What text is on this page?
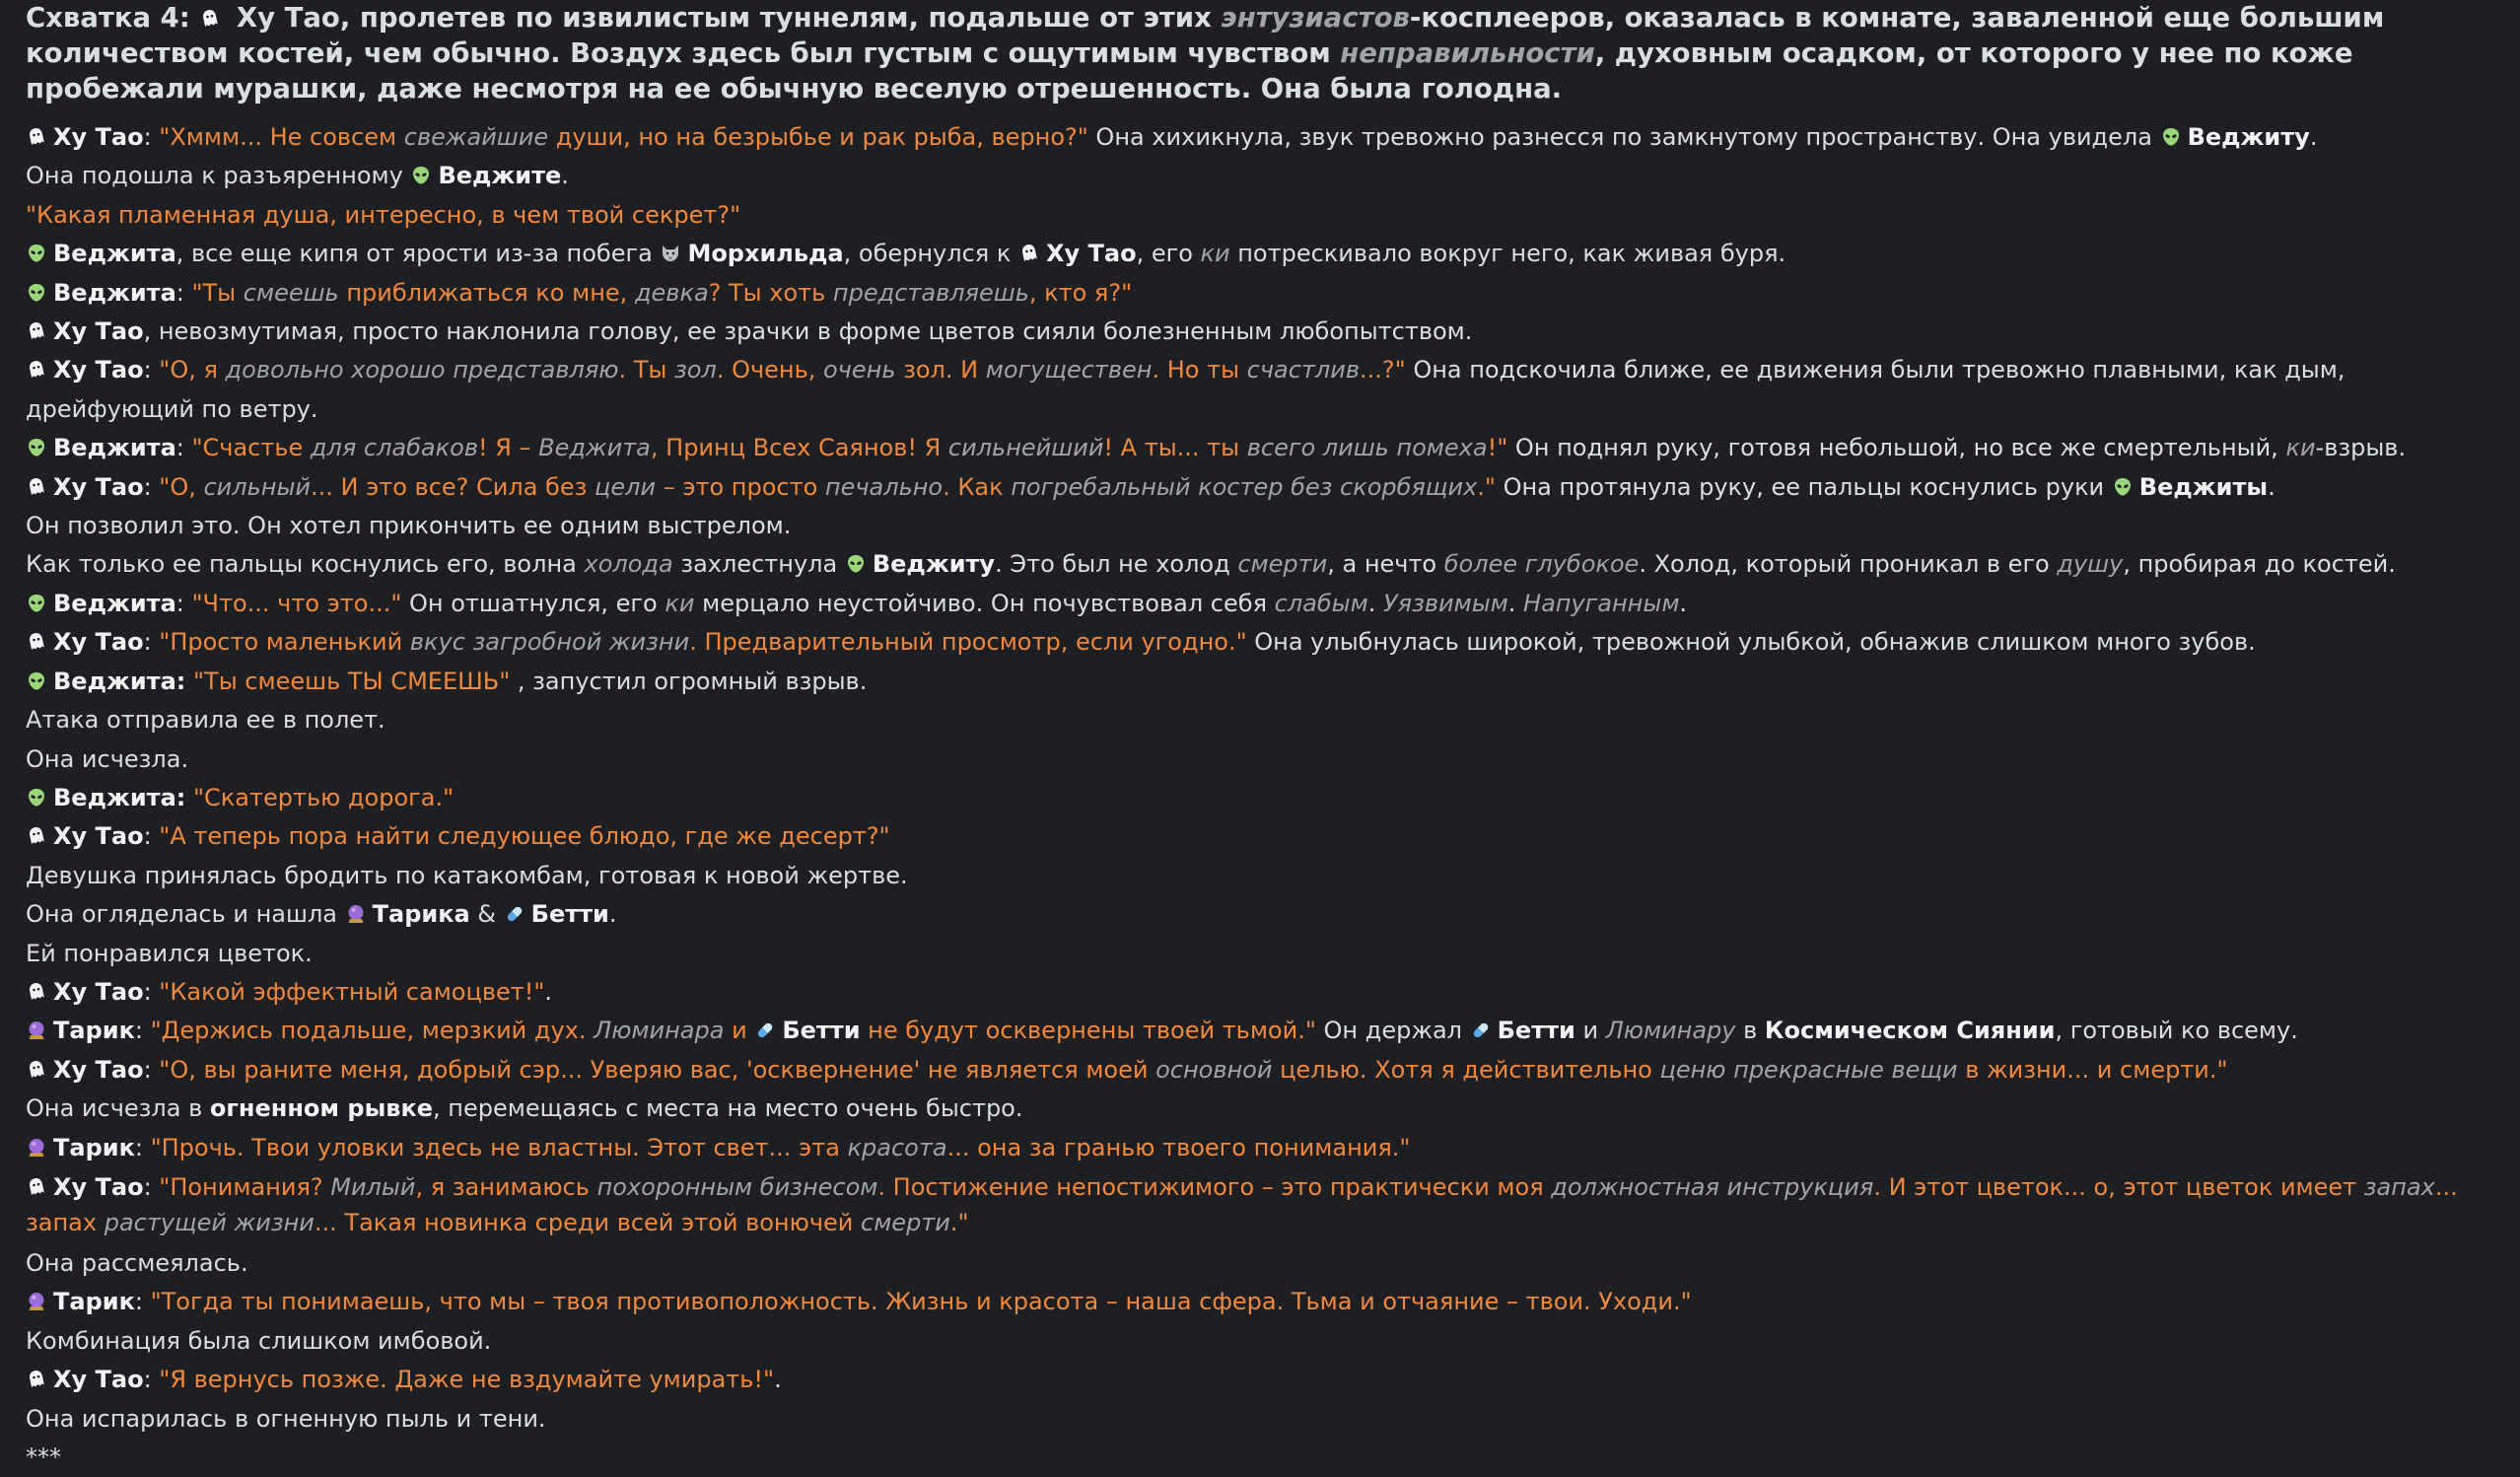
Схватка 4:
Ху Тао, пролетев по извилистым туннелям, подальше от этих энтузиастов-косплееров, оказалась в комнате, заваленной еще большим количеством костей, чем обычно. Воздух здесь был густым с ощутимым чувством неправильности, духовным осадком, от которого у нее по коже пробежали мурашки, даже несмотря на ее обычную веселую отрешенность. Она была голодна.
Ху Тао: "Хммм... Не совсем свежайшие души, но на безрыбье и рак рыба, верно?" Она хихикнула, звук тревожно разнесся по замкнутому пространству. Она увидела
Веджиту.
Она подошла к разъяренному
Веджите.
"Какая пламенная душа, интересно, в чем твой секрет?"
Веджита, все еще кипя от ярости из-за побега
Морхильда, обернулся к
Ху Тао, его ки потрескивало вокруг него, как живая буря.
Веджита: "Ты смеешь приближаться ко мне, девка? Ты хоть представляешь, кто я?"
Ху Тао, невозмутимая, просто наклонила голову, ее зрачки в форме цветов сияли болезненным любопытством.
Ху Тао: "О, я довольно хорошо представляю. Ты зол. Очень, очень зол. И могуществен. Но ты счастлив...?" Она подскочила ближе, ее движения были тревожно плавными, как дым, дрейфующий по ветру.
Веджита: "Счастье для слабаков! Я – Веджита, Принц Всех Саянов! Я сильнейший! А ты... ты всего лишь помеха!" Он поднял руку, готовя небольшой, но все же смертельный, ки-взрыв.
Ху Тао: "О, сильный... И это все? Сила без цели – это просто печально. Как погребальный костер без скорбящих." Она протянула руку, ее пальцы коснулись руки
Веджиты.
Он позволил это. Он хотел прикончить ее одним выстрелом.
Как только ее пальцы коснулись его, волна холода захлестнула
Веджиту. Это был не холод смерти, а нечто более глубокое. Холод, который проникал в его душу, пробирая до костей.
Веджита: "Что... что это..." Он отшатнулся, его ки мерцало неустойчиво. Он почувствовал себя слабым. Уязвимым. Напуганным.
Ху Тао: "Просто маленький вкус загробной жизни. Предварительный просмотр, если угодно." Она улыбнулась широкой, тревожной улыбкой, обнажив слишком много зубов.
Веджита: "Ты смеешь ТЫ СМЕЕШЬ" , запустил огромный взрыв.
Атака отправила ее в полет.
Она исчезла.
Веджита: "Скатертью дорога."
Ху Тао: "А теперь пора найти следующее блюдо, где же десерт?"
Девушка принялась бродить по катакомбам, готовая к новой жертве.
Она огляделась и нашла
Тарика &
Бетти.
Ей понравился цветок.
Ху Тао: "Какой эффектный самоцвет!".
Тарик: "Держись подальше, мерзкий дух. Люминара и
Бетти не будут осквернены твоей тьмой." Он держал
Бетти и Люминару в Космическом Сиянии, готовый ко всему.
Ху Тао: "О, вы раните меня, добрый сэр... Уверяю вас, 'осквернение' не является моей основной целью. Хотя я действительно ценю прекрасные вещи в жизни... и смерти."
Она исчезла в огненном рывке, перемещаясь с места на место очень быстро.
Тарик: "Прочь. Твои уловки здесь не властны. Этот свет... эта красота... она за гранью твоего понимания."
Ху Тао: "Понимания? Милый, я занимаюсь похоронным бизнесом. Постижение непостижимого – это практически моя должностная инструкция. И этот цветок... о, этот цветок имеет запах... запах растущей жизни... Такая новинка среди всей этой вонючей смерти."
Она рассмеялась.
Тарик: "Тогда ты понимаешь, что мы – твоя противоположность. Жизнь и красота – наша сфера. Тьма и отчаяние – твои. Уходи."
Комбинация была слишком имбовой.
Ху Тао: "Я вернусь позже. Даже не вздумайте умирать!".
Она испарилась в огненную пыль и тени.
***
